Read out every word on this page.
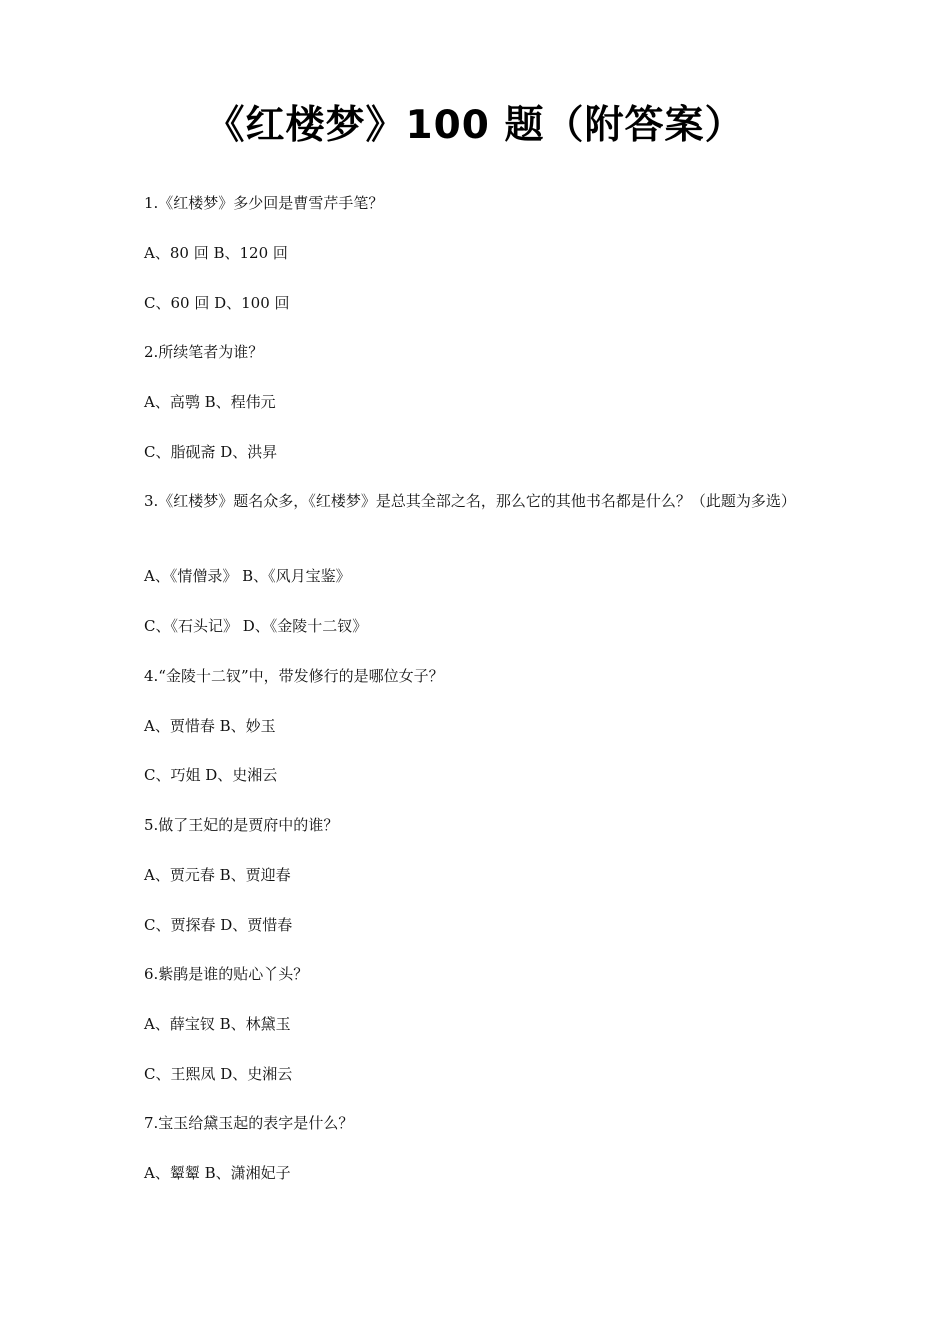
《红楼梦》100 题（附答案）
1.《红楼梦》多少回是曹雪芹手笔？
A、80 回 B、120 回
C、60 回 D、100 回
2.所续笔者为谁？
A、高鹗 B、程伟元
C、脂砚斋 D、洪昇
3.《红楼梦》题名众多，《红楼梦》是总其全部之名，那么它的其他书名都是什么？（此题为多选）
A、《情僧录》 B、《风月宝鉴》
C、《石头记》 D、《金陵十二钗》
4.“金陵十二钗”中，带发修行的是哪位女子？
A、贾惜春 B、妙玉
C、巧姐 D、史湘云
5.做了王妃的是贾府中的谁？
A、贾元春 B、贾迎春
C、贾探春 D、贾惜春
6.紫鹃是谁的贴心丫头？
A、薛宝钗 B、林黛玉
C、王熙凤 D、史湘云
7.宝玉给黛玉起的表字是什么？
A、颦颦 B、潇湘妃子
